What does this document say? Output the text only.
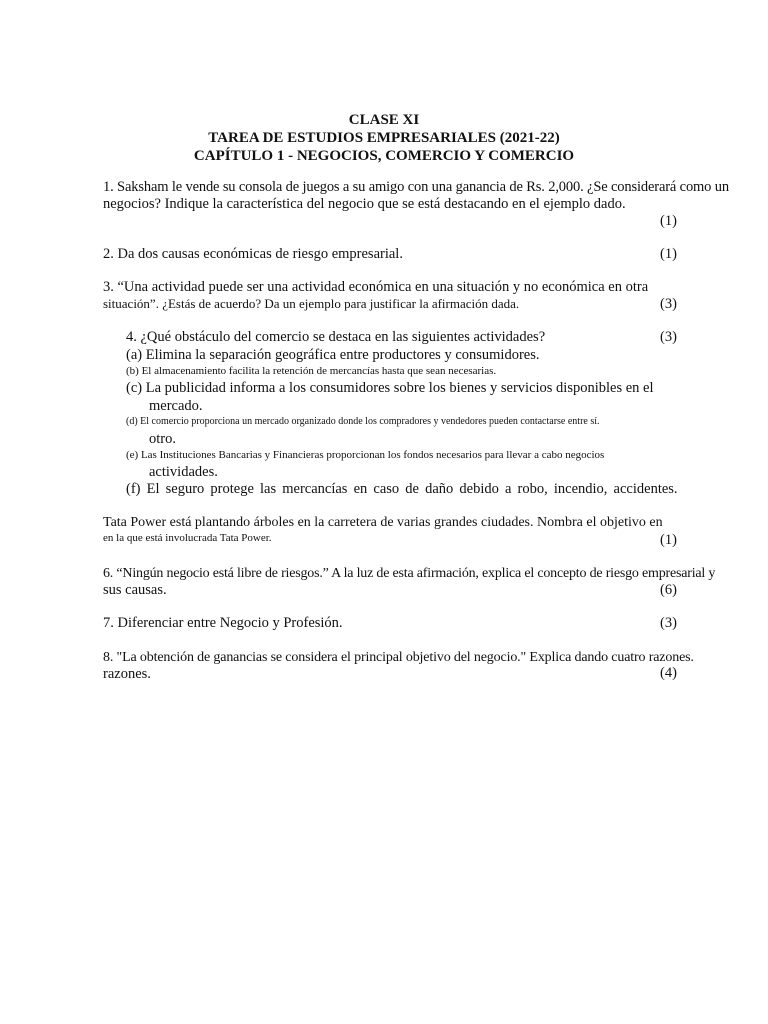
CLASE XI
TAREA DE ESTUDIOS EMPRESARIALES (2021-22)
CAPÍTULO 1 - NEGOCIOS, COMERCIO Y COMERCIO
1. Saksham le vende su consola de juegos a su amigo con una ganancia de Rs. 2,000. ¿Se considerará como un
negocios? Indique la característica del negocio que se está destacando en el ejemplo dado.
(1)
2. Da dos causas económicas de riesgo empresarial.	(1)
3. “Una actividad puede ser una actividad económica en una situación y no económica en otra
situación”. ¿Estás de acuerdo? Da un ejemplo para justificar la afirmación dada.	(3)
4. ¿Qué obstáculo del comercio se destaca en las siguientes actividades?	(3)
(a) Elimina la separación geográfica entre productores y consumidores.
(b) El almacenamiento facilita la retención de mercancías hasta que sean necesarias.
(c) La publicidad informa a los consumidores sobre los bienes y servicios disponibles en el
mercado.
(d) El comercio proporciona un mercado organizado donde los compradores y vendedores pueden contactarse entre sí.
otro.
(e) Las Instituciones Bancarias y Financieras proporcionan los fondos necesarios para llevar a cabo negocios
actividades.
(f) El seguro protege las mercancías en caso de daño debido a robo, incendio, accidentes.
Tata Power está plantando árboles en la carretera de varias grandes ciudades. Nombra el objetivo en
en la que está involucrada Tata Power.	(1)
6. “Ningún negocio está libre de riesgos.” A la luz de esta afirmación, explica el concepto de riesgo empresarial y
sus causas.	(6)
7. Diferenciar entre Negocio y Profesión.	(3)
8. "La obtención de ganancias se considera el principal objetivo del negocio." Explica dando cuatro razones.
razones.	(4)
